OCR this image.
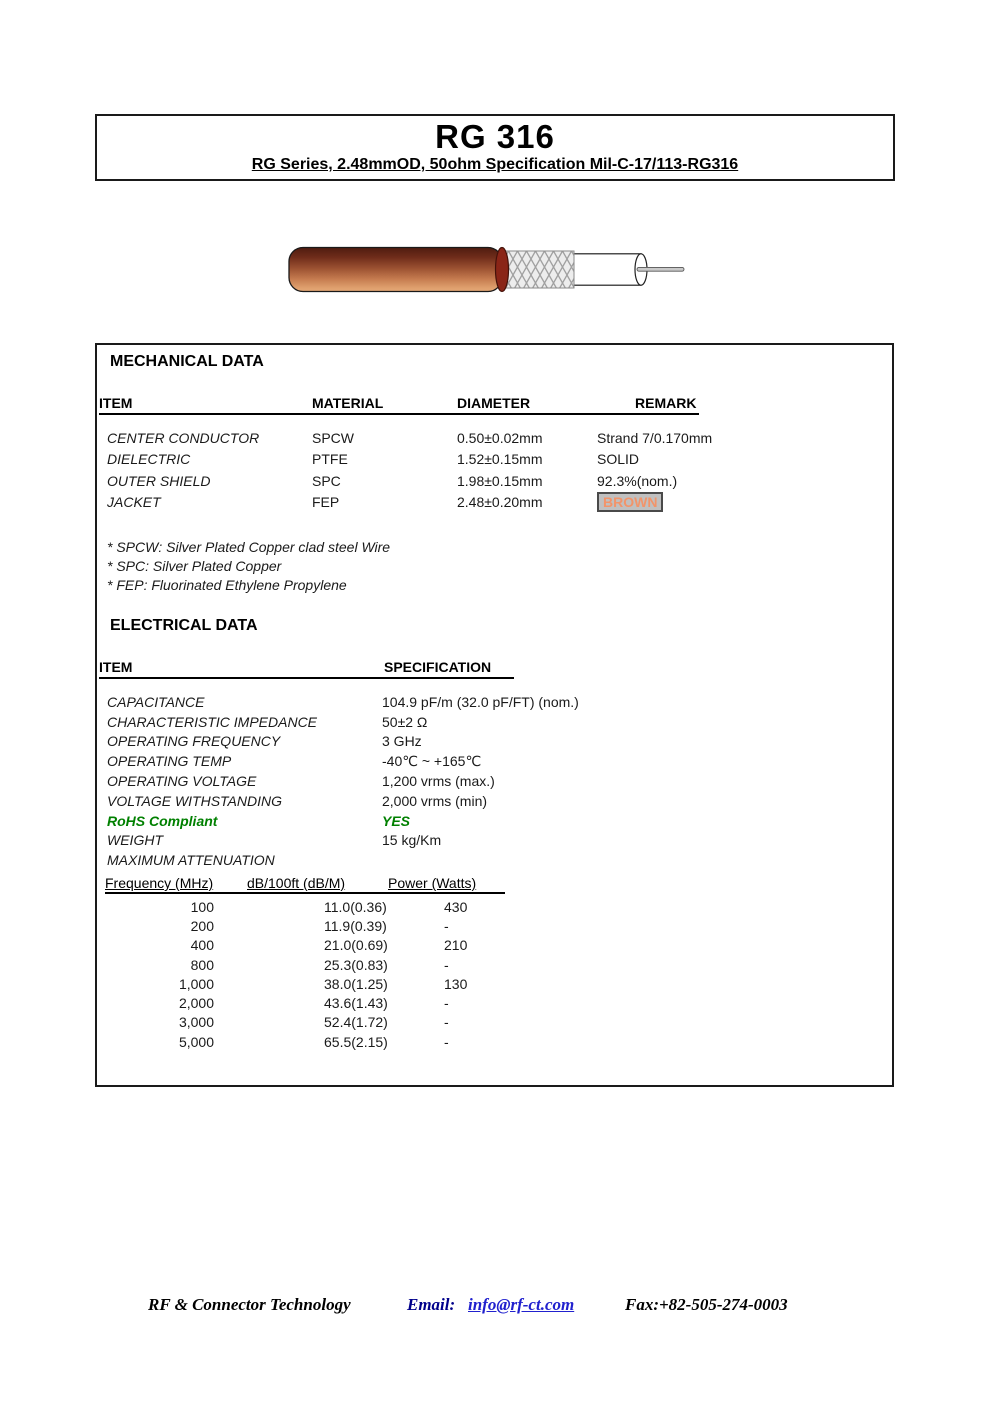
RG 316
RG Series, 2.48mmOD, 50ohm Specification Mil-C-17/113-RG316
MECHANICAL DATA
ITEM	MATERIAL	DIAMETER	REMARK
CENTER CONDUCTOR	SPCW	0.50±0.02mm	Strand 7/0.170mm
DIELECTRIC	PTFE	1.52±0.15mm	SOLID
OUTER SHIELD	SPC	1.98±0.15mm	92.3%(nom.)
JACKET	FEP	2.48±0.20mm	BROWN
* SPCW: Silver Plated Copper clad steel Wire
* SPC: Silver Plated Copper
* FEP: Fluorinated Ethylene Propylene
ELECTRICAL DATA
ITEM	SPECIFICATION
CAPACITANCE	104.9 pF/m (32.0 pF/FT) (nom.)
CHARACTERISTIC IMPEDANCE	50±2 Ω
OPERATING FREQUENCY	3 GHz
OPERATING TEMP	-40℃ ~ +165℃
OPERATING VOLTAGE	1,200 vrms (max.)
VOLTAGE WITHSTANDING	2,000 vrms (min)
RoHS Compliant	YES
WEIGHT	15 kg/Km
MAXIMUM ATTENUATION
Frequency (MHz)	dB/100ft (dB/M)	Power (Watts)
100	11.0(0.36)	430
200	11.9(0.39)	-
400	21.0(0.69)	210
800	25.3(0.83)	-
1,000	38.0(1.25)	130
2,000	43.6(1.43)	-
3,000	52.4(1.72)	-
5,000	65.5(2.15)	-
RF & Connector Technology	Email: info@rf-ct.com	Fax:+82-505-274-0003
